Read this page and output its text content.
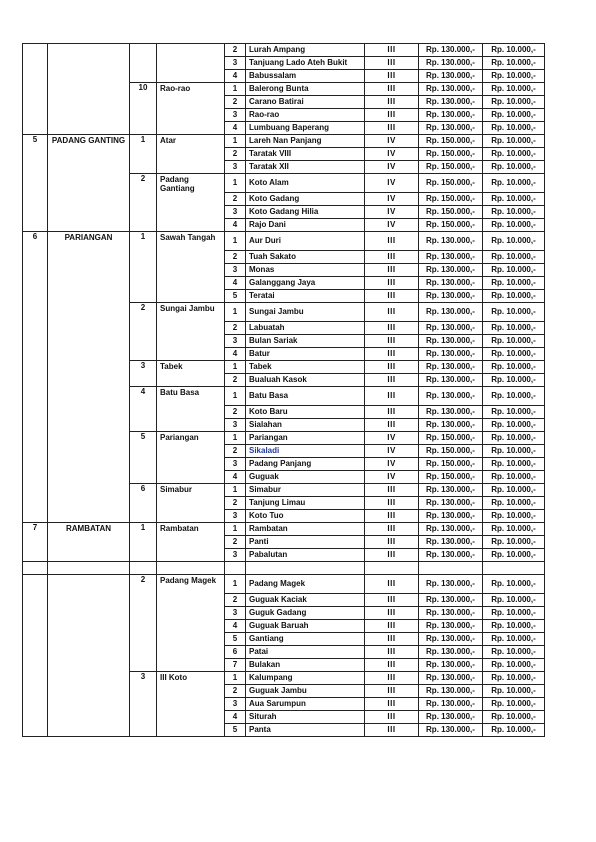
				2	Lurah Ampang	III	Rp. 130.000,-	Rp. 10.000,-
				3	Tanjuang Lado Ateh Bukit	III	Rp. 130.000,-	Rp. 10.000,-
				4	Babussalam	III	Rp. 130.000,-	Rp. 10.000,-
		10	Rao-rao	1	Balerong Bunta	III	Rp. 130.000,-	Rp. 10.000,-
				2	Carano Batirai	III	Rp. 130.000,-	Rp. 10.000,-
				3	Rao-rao	III	Rp. 130.000,-	Rp. 10.000,-
				4	Lumbuang Baperang	III	Rp. 130.000,-	Rp. 10.000,-
5	PADANG GANTING	1	Atar	1	Lareh Nan Panjang	IV	Rp. 150.000,-	Rp. 10.000,-
				2	Taratak VIII	IV	Rp. 150.000,-	Rp. 10.000,-
				3	Taratak XII	IV	Rp. 150.000,-	Rp. 10.000,-
		2	Padang Gantiang	1	Koto Alam	IV	Rp. 150.000,-	Rp. 10.000,-
				2	Koto Gadang	IV	Rp. 150.000,-	Rp. 10.000,-
				3	Koto Gadang Hilia	IV	Rp. 150.000,-	Rp. 10.000,-
				4	Rajo Dani	IV	Rp. 150.000,-	Rp. 10.000,-
6	PARIANGAN	1	Sawah Tangah	1	Aur Duri	III	Rp. 130.000,-	Rp. 10.000,-
				2	Tuah Sakato	III	Rp. 130.000,-	Rp. 10.000,-
				3	Monas	III	Rp. 130.000,-	Rp. 10.000,-
				4	Galanggang Jaya	III	Rp. 130.000,-	Rp. 10.000,-
				5	Teratai	III	Rp. 130.000,-	Rp. 10.000,-
		2	Sungai Jambu	1	Sungai Jambu	III	Rp. 130.000,-	Rp. 10.000,-
				2	Labuatah	III	Rp. 130.000,-	Rp. 10.000,-
				3	Bulan Sariak	III	Rp. 130.000,-	Rp. 10.000,-
				4	Batur	III	Rp. 130.000,-	Rp. 10.000,-
		3	Tabek	1	Tabek	III	Rp. 130.000,-	Rp. 10.000,-
				2	Bualuah Kasok	III	Rp. 130.000,-	Rp. 10.000,-
		4	Batu Basa	1	Batu Basa	III	Rp. 130.000,-	Rp. 10.000,-
				2	Koto Baru	III	Rp. 130.000,-	Rp. 10.000,-
				3	Sialahan	III	Rp. 130.000,-	Rp. 10.000,-
		5	Pariangan	1	Pariangan	IV	Rp. 150.000,-	Rp. 10.000,-
				2	Sikaladi	IV	Rp. 150.000,-	Rp. 10.000,-
				3	Padang Panjang	IV	Rp. 150.000,-	Rp. 10.000,-
				4	Guguak	IV	Rp. 150.000,-	Rp. 10.000,-
		6	Simabur	1	Simabur	III	Rp. 130.000,-	Rp. 10.000,-
				2	Tanjung Limau	III	Rp. 130.000,-	Rp. 10.000,-
				3	Koto Tuo	III	Rp. 130.000,-	Rp. 10.000,-
7	RAMBATAN	1	Rambatan	1	Rambatan	III	Rp. 130.000,-	Rp. 10.000,-
				2	Panti	III	Rp. 130.000,-	Rp. 10.000,-
				3	Pabalutan	III	Rp. 130.000,-	Rp. 10.000,-

		2	Padang Magek	1	Padang Magek	III	Rp. 130.000,-	Rp. 10.000,-
				2	Guguak Kaciak	III	Rp. 130.000,-	Rp. 10.000,-
				3	Guguk Gadang	III	Rp. 130.000,-	Rp. 10.000,-
				4	Guguak Baruah	III	Rp. 130.000,-	Rp. 10.000,-
				5	Gantiang	III	Rp. 130.000,-	Rp. 10.000,-
				6	Patai	III	Rp. 130.000,-	Rp. 10.000,-
				7	Bulakan	III	Rp. 130.000,-	Rp. 10.000,-
		3	III Koto	1	Kalumpang	III	Rp. 130.000,-	Rp. 10.000,-
				2	Guguak Jambu	III	Rp. 130.000,-	Rp. 10.000,-
				3	Aua Sarumpun	III	Rp. 130.000,-	Rp. 10.000,-
				4	Siturah	III	Rp. 130.000,-	Rp. 10.000,-
				5	Panta	III	Rp. 130.000,-	Rp. 10.000,-
